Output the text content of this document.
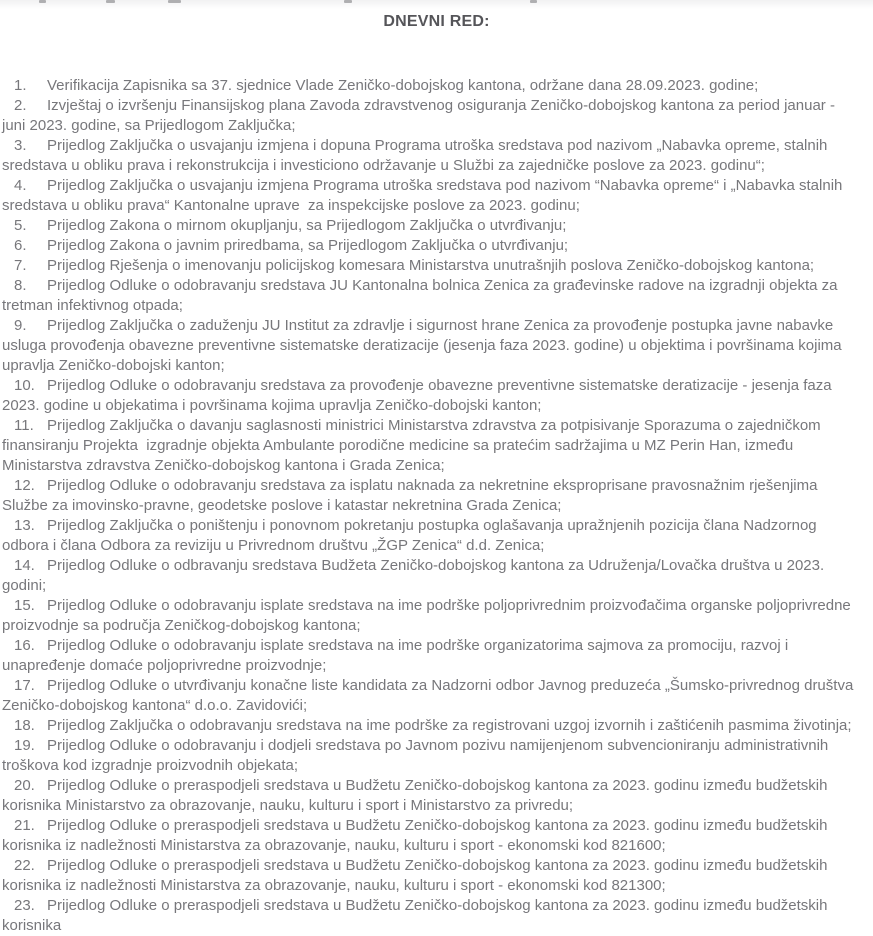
DNEVNI RED:

1. Verifikacija Zapisnika sa 37. sjednice Vlade Zeničko-dobojskog kantona, održane dana 28.09.2023. godine;

2. Izvještaj o izvršenju Finansijskog plana Zavoda zdravstvenog osiguranja Zeničko-dobojskog kantona za period januar - juni 2023. godine, sa Prijedlogom Zaključka;

3. Prijedlog Zaključka o usvajanju izmjena i dopuna Programa utroška sredstava pod nazivom „Nabavka opreme, stalnih sredstava u obliku prava i rekonstrukcija i investiciono održavanje u Službi za zajedničke poslove za 2023. godinu“;

4. Prijedlog Zaključka o usvajanju izmjena Programa utroška sredstava pod nazivom “Nabavka opreme“ i „Nabavka stalnih sredstava u obliku prava“ Kantonalne uprave  za inspekcijske poslove za 2023. godinu;

5. Prijedlog Zakona o mirnom okupljanju, sa Prijedlogom Zaključka o utvrđivanju;

6. Prijedlog Zakona o javnim priredbama, sa Prijedlogom Zaključka o utvrđivanju;

7. Prijedlog Rješenja o imenovanju policijskog komesara Ministarstva unutrašnjih poslova Zeničko-dobojskog kantona;

8. Prijedlog Odluke o odobravanju sredstava JU Kantonalna bolnica Zenica za građevinske radove na izgradnji objekta za tretman infektivnog otpada;

9. Prijedlog Zaključka o zaduženju JU Institut za zdravlje i sigurnost hrane Zenica za provođenje postupka javne nabavke usluga provođenja obavezne preventivne sistematske deratizacije (jesenja faza 2023. godine) u objektima i površinama kojima upravlja Zeničko-dobojski kanton;

10. Prijedlog Odluke o odobravanju sredstava za provođenje obavezne preventivne sistematske deratizacije - jesenja faza 2023. godine u objekatima i površinama kojima upravlja Zeničko-dobojski kanton;

11. Prijedlog Zaključka o davanju saglasnosti ministrici Ministarstva zdravstva za potpisivanje Sporazuma o zajedničkom finansiranju Projekta  izgradnje objekta Ambulante porodične medicine sa pratećim sadržajima u MZ Perin Han, između  Ministarstva zdravstva Zeničko-dobojskog kantona i Grada Zenica;

12. Prijedlog Odluke o odobravanju sredstava za isplatu naknada za nekretnine eksproprisane pravosnažnim rješenjima Službe za imovinsko-pravne, geodetske poslove i katastar nekretnina Grada Zenica;

13. Prijedlog Zaključka o poništenju i ponovnom pokretanju postupka oglašavanja upražnjenih pozicija člana Nadzornog odbora i člana Odbora za reviziju u Privrednom društvu „ŽGP Zenica“ d.d. Zenica;

14. Prijedlog Odluke o odbravanju sredstava Budžeta Zeničko-dobojskog kantona za Udruženja/Lovačka društva u 2023. godini;

15. Prijedlog Odluke o odobravanju isplate sredstava na ime podrške poljoprivrednim proizvođačima organske poljoprivredne proizvodnje sa područja Zeničkog-dobojskog kantona;

16. Prijedlog Odluke o odobravanju isplate sredstava na ime podrške organizatorima sajmova za promociju, razvoj i unapređenje domaće poljoprivredne proizvodnje;

17. Prijedlog Odluke o utvrđivanju konačne liste kandidata za Nadzorni odbor Javnog preduzeća „Šumsko-privrednog društva Zeničko-dobojskog kantona“ d.o.o. Zavidovići;

18. Prijedlog Zaključka o odobravanju sredstava na ime podrške za registrovani uzgoj izvornih i zaštićenih pasmima životinja;

19. Prijedlog Odluke o odobravanju i dodjeli sredstava po Javnom pozivu namijenjenom subvencioniranju administrativnih troškova kod izgradnje proizvodnih objekata;

20. Prijedlog Odluke o preraspodjeli sredstava u Budžetu Zeničko-dobojskog kantona za 2023. godinu između budžetskih korisnika Ministarstvo za obrazovanje, nauku, kulturu i sport i Ministarstvo za privredu;

21. Prijedlog Odluke o preraspodjeli sredstava u Budžetu Zeničko-dobojskog kantona za 2023. godinu između budžetskih korisnika iz nadležnosti Ministarstva za obrazovanje, nauku, kulturu i sport - ekonomski kod 821600;

22. Prijedlog Odluke o preraspodjeli sredstava u Budžetu Zeničko-dobojskog kantona za 2023. godinu između budžetskih korisnika iz nadležnosti Ministarstva za obrazovanje, nauku, kulturu i sport - ekonomski kod 821300;

23. Prijedlog Odluke o preraspodjeli sredstava u Budžetu Zeničko-dobojskog kantona za 2023. godinu između budžetskih korisnika
